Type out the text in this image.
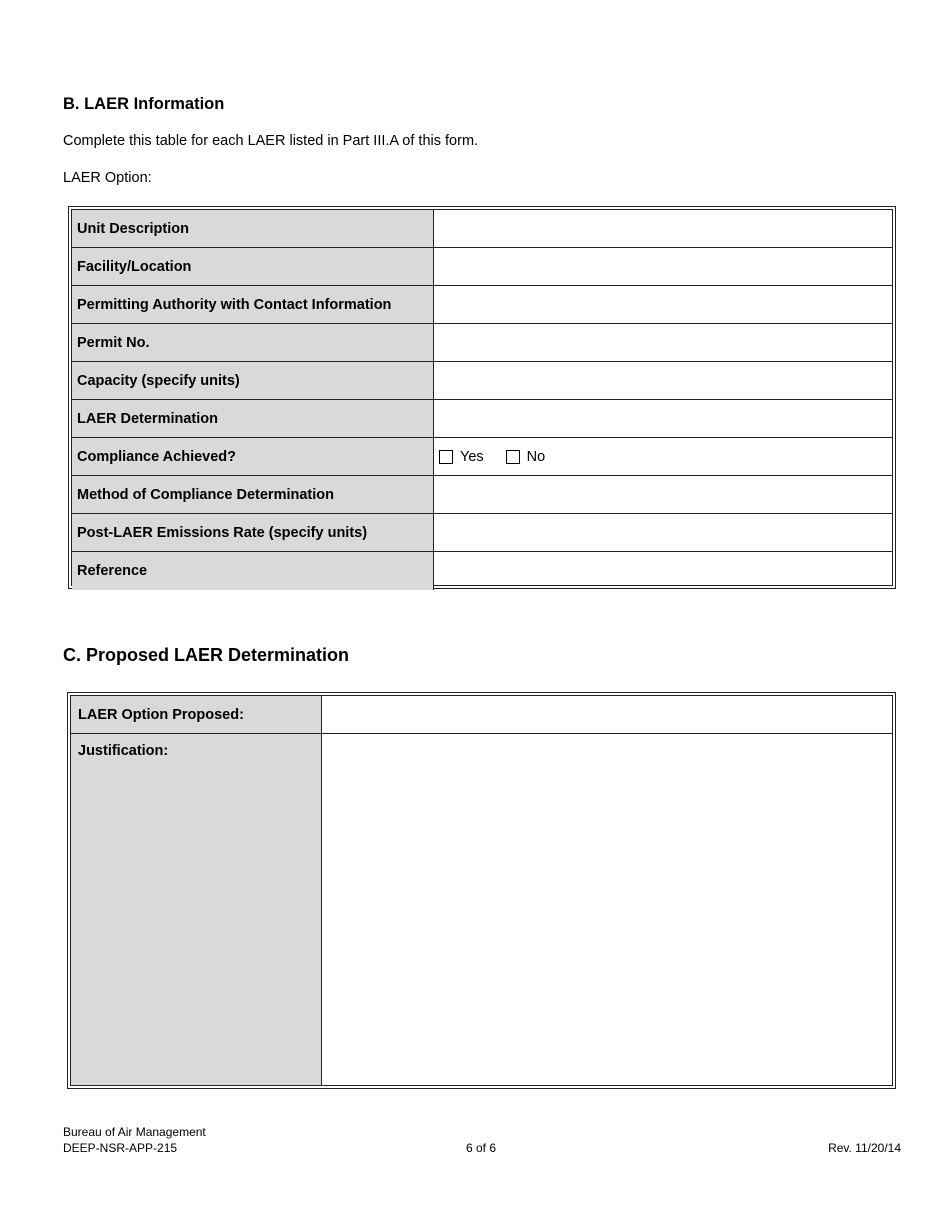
B. LAER Information
Complete this table for each LAER listed in Part III.A of this form.
LAER Option:
Unit Description
Facility/Location
Permitting Authority with Contact Information
Permit No.
Capacity (specify units)
LAER Determination
Compliance Achieved?	Yes	No
Method of Compliance Determination
Post-LAER Emissions Rate (specify units)
Reference
C. Proposed LAER Determination
LAER Option Proposed:
Justification:
Bureau of Air Management
DEEP-NSR-APP-215	6 of 6	Rev. 11/20/14
